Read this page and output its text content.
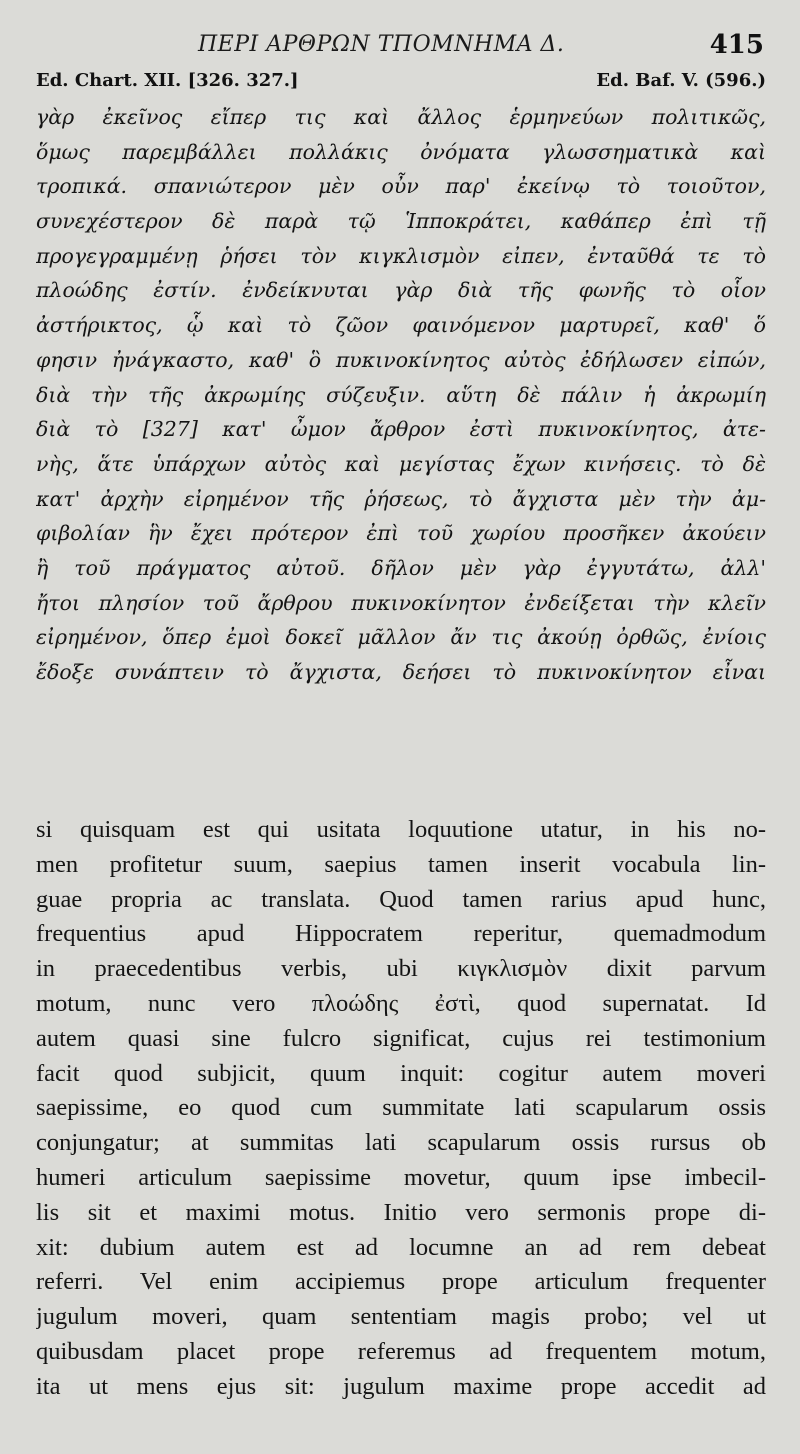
ΠΕΡΙ ΑΡΘΡΩΝ ΤΠΟΜΝΗΜΑ Δ.	415
Ed. Chart. XII. [326. 327.]	Ed. Baf. V. (596.)
γὰρ ἐκεῖνος εἴπερ τις καὶ ἄλλος ἑρμηνεύων πολιτικῶς,
ὅμως παρεμβάλλει πολλάκις ὀνόματα γλωσσηματικὰ καὶ
τροπικά. σπανιώτερον μὲν οὖν παρ' ἐκείνῳ τὸ τοιοῦτον,
συνεχέστερον δὲ παρὰ τῷ Ἱπποκράτει, καθάπερ ἐπὶ τῇ
προγεγραμμένῃ ῥήσει τὸν κιγκλισμὸν εἰπεν, ἐνταῦθά τε τὸ
πλοώδης ἐστίν. ἐνδείκνυται γὰρ διὰ τῆς φωνῆς τὸ οἷον
ἀστήρικτος, ᾧ καὶ τὸ ζῶον φαινόμενον μαρτυρεῖ, καθ' ὅ
φησιν ἠνάγκαστο, καθ' ὃ πυκινοκίνητος αὐτὸς ἐδήλωσεν εἰπών,
διὰ τὴν τῆς ἀκρωμίης σύζευξιν. αὕτη δὲ πάλιν ἡ ἀκρωμίη
διὰ τὸ [327] κατ' ὦμον ἄρθρον ἐστὶ πυκινοκίνητος, ἀτε-
νὴς, ἅτε ὑπάρχων αὐτὸς καὶ μεγίστας ἔχων κινήσεις. τὸ δὲ
κατ' ἀρχὴν εἰρημένον τῆς ῥήσεως, τὸ ἄγχιστα μὲν τὴν ἀμ-
φιβολίαν ἣν ἔχει πρότερον ἐπὶ τοῦ χωρίου προσῆκεν ἀκούειν
ἢ τοῦ πράγματος αὐτοῦ. δῆλον μὲν γὰρ ἐγγυτάτω, ἀλλ'
ἤτοι πλησίον τοῦ ἄρθρου πυκινοκίνητον ἐνδείξεται τὴν κλεῖν
εἰρημένον, ὅπερ ἐμοὶ δοκεῖ μᾶλλον ἄν τις ἀκούῃ ὀρθῶς, ἐνίοις
ἔδοξε συνάπτειν τὸ ἄγχιστα, δεήσει τὸ πυκινοκίνητον εἶναι
si quisquam est qui usitata loquutione utatur, in his no-
men profitetur suum, saepius tamen inserit vocabula lin-
guae propria ac translata. Quod tamen rarius apud hunc,
frequentius apud Hippocratem reperitur, quemadmodum
in praecedentibus verbis, ubi κιγκλισμὸν dixit parvum
motum, nunc vero πλοώδης ἐστὶ, quod supernatat. Id
autem quasi sine fulcro significat, cujus rei testimonium
facit quod subjicit, quum inquit: cogitur autem moveri
saepissime, eo quod cum summitate lati scapularum ossis
conjungatur; at summitas lati scapularum ossis rursus ob
humeri articulum saepissime movetur, quum ipse imbecil-
lis sit et maximi motus. Initio vero sermonis prope di-
xit: dubium autem est ad locumne an ad rem debeat
referri. Vel enim accipiemus prope articulum frequenter
jugulum moveri, quam sententiam magis probo; vel ut
quibusdam placet prope referemus ad frequentem motum,
ita ut mens ejus sit: jugulum maxime prope accedit ad
